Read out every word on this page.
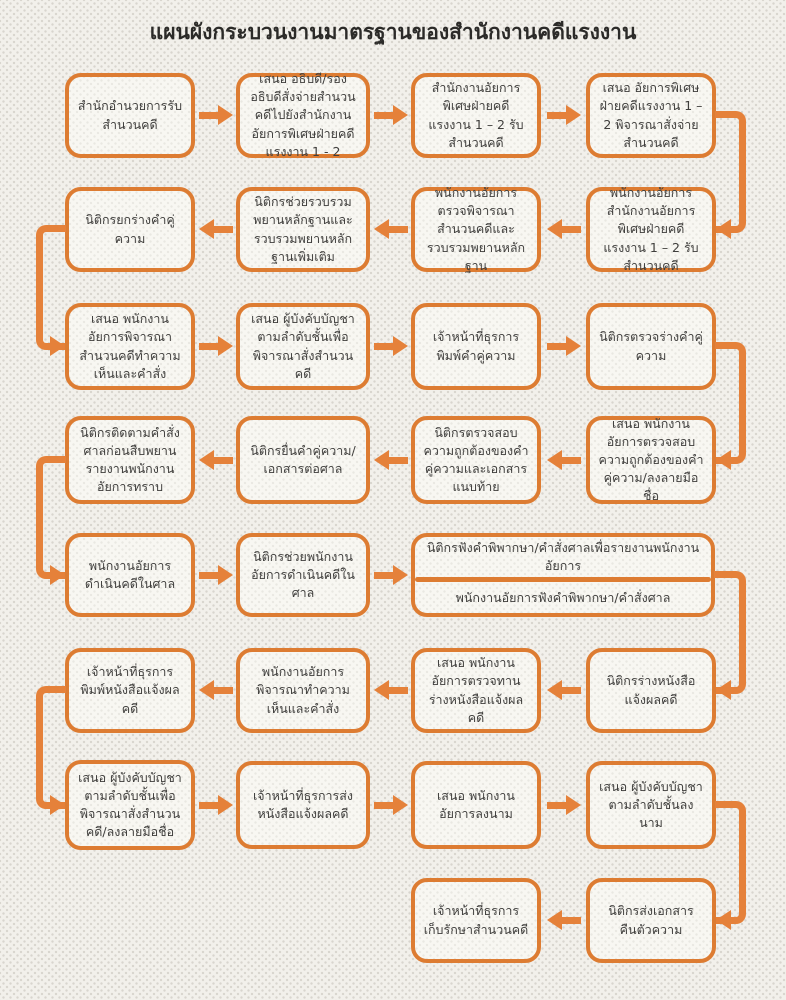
แผนผังกระบวนงานมาตรฐานของสำนักงานคดีแรงงาน
สำนักอำนวยการรับสำนวนคดี
เสนอ อธิบดี/รองอธิบดีสั่งจ่ายสำนวนคดีไปยังสำนักงานอัยการพิเศษฝ่ายคดีแรงงาน 1 - 2
สำนักงานอัยการพิเศษฝ่ายคดีแรงงาน 1 – 2 รับสำนวนคดี
เสนอ อัยการพิเศษฝ่ายคดีแรงงาน 1 – 2 พิจารณาสั่งจ่ายสำนวนคดี
พนักงานอัยการสำนักงานอัยการพิเศษฝ่ายคดีแรงงาน 1 – 2 รับสำนวนคดี
พนักงานอัยการตรวจพิจารณาสำนวนคดีและรวบรวมพยานหลักฐาน
นิติกรช่วยรวบรวมพยานหลักฐานและรวบรวมพยานหลักฐานเพิ่มเติม
นิติกรยกร่างคำคู่ความ
เสนอ พนักงานอัยการพิจารณาสำนวนคดีทำความเห็นและคำสั่ง
เสนอ ผู้บังคับบัญชาตามลำดับชั้นเพื่อพิจารณาสั่งสำนวนคดี
เจ้าหน้าที่ธุรการพิมพ์คำคู่ความ
นิติกรตรวจร่างคำคู่ความ
เสนอ พนักงานอัยการตรวจสอบความถูกต้องของคำคู่ความ/ลงลายมือชื่อ
นิติกรตรวจสอบความถูกต้องของคำคู่ความและเอกสารแนบท้าย
นิติกรยื่นคำคู่ความ/เอกสารต่อศาล
นิติกรติดตามคำสั่งศาลก่อนสืบพยานรายงานพนักงานอัยการทราบ
พนักงานอัยการดำเนินคดีในศาล
นิติกรช่วยพนักงานอัยการดำเนินคดีในศาล
นิติกรฟังคำพิพากษา/คำสั่งศาลเพื่อรายงานพนักงานอัยการ
พนักงานอัยการฟังคำพิพากษา/คำสั่งศาล
นิติกรร่างหนังสือแจ้งผลคดี
เสนอ พนักงานอัยการตรวจทานร่างหนังสือแจ้งผลคดี
พนักงานอัยการพิจารณาทำความเห็นและคำสั่ง
เจ้าหน้าที่ธุรการพิมพ์หนังสือแจ้งผลคดี
เสนอ ผู้บังคับบัญชาตามลำดับชั้นเพื่อพิจารณาสั่งสำนวนคดี/ลงลายมือชื่อ
เจ้าหน้าที่ธุรการส่งหนังสือแจ้งผลคดี
เสนอ พนักงานอัยการลงนาม
เสนอ ผู้บังคับบัญชาตามลำดับชั้นลงนาม
นิติกรส่งเอกสารคืนตัวความ
เจ้าหน้าที่ธุรการเก็บรักษาสำนวนคดี
